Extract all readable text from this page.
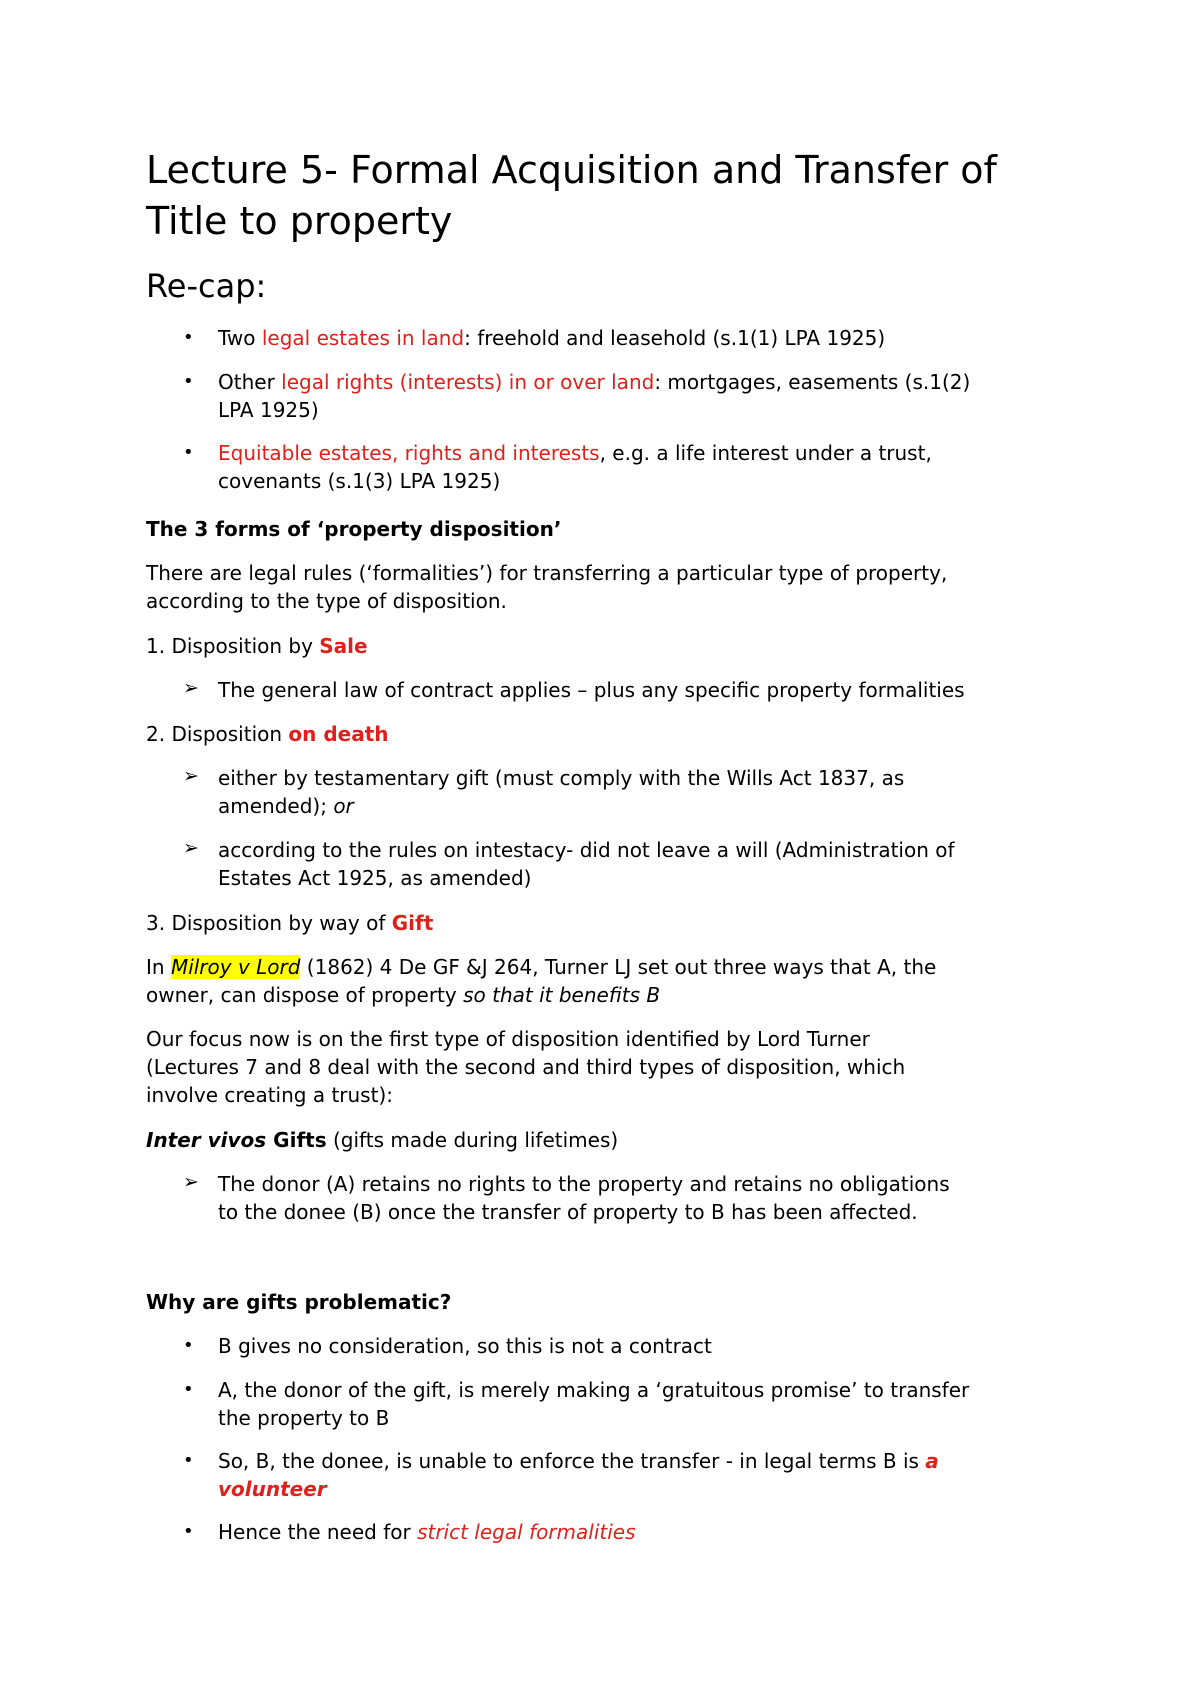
Lecture 5- Formal Acquisition and Transfer of
Title to property
Re-cap:
• Two legal estates in land: freehold and leasehold (s.1(1) LPA 1925)
• Other legal rights (interests) in or over land: mortgages, easements (s.1(2)
LPA 1925)
• Equitable estates, rights and interests, e.g. a life interest under a trust,
covenants (s.1(3) LPA 1925)
The 3 forms of ‘property disposition’
There are legal rules (‘formalities’) for transferring a particular type of property,
according to the type of disposition.
1. Disposition by Sale
➢ The general law of contract applies – plus any specific property formalities
2. Disposition on death
➢ either by testamentary gift (must comply with the Wills Act 1837, as
amended); or
➢ according to the rules on intestacy- did not leave a will (Administration of
Estates Act 1925, as amended)
3. Disposition by way of Gift
In Milroy v Lord (1862) 4 De GF &J 264, Turner LJ set out three ways that A, the
owner, can dispose of property so that it benefits B
Our focus now is on the first type of disposition identified by Lord Turner
(Lectures 7 and 8 deal with the second and third types of disposition, which
involve creating a trust):
Inter vivos Gifts (gifts made during lifetimes)
➢ The donor (A) retains no rights to the property and retains no obligations
to the donee (B) once the transfer of property to B has been affected.
Why are gifts problematic?
• B gives no consideration, so this is not a contract
• A, the donor of the gift, is merely making a ‘gratuitous promise’ to transfer
the property to B
• So, B, the donee, is unable to enforce the transfer - in legal terms B is a
volunteer
• Hence the need for strict legal formalities
